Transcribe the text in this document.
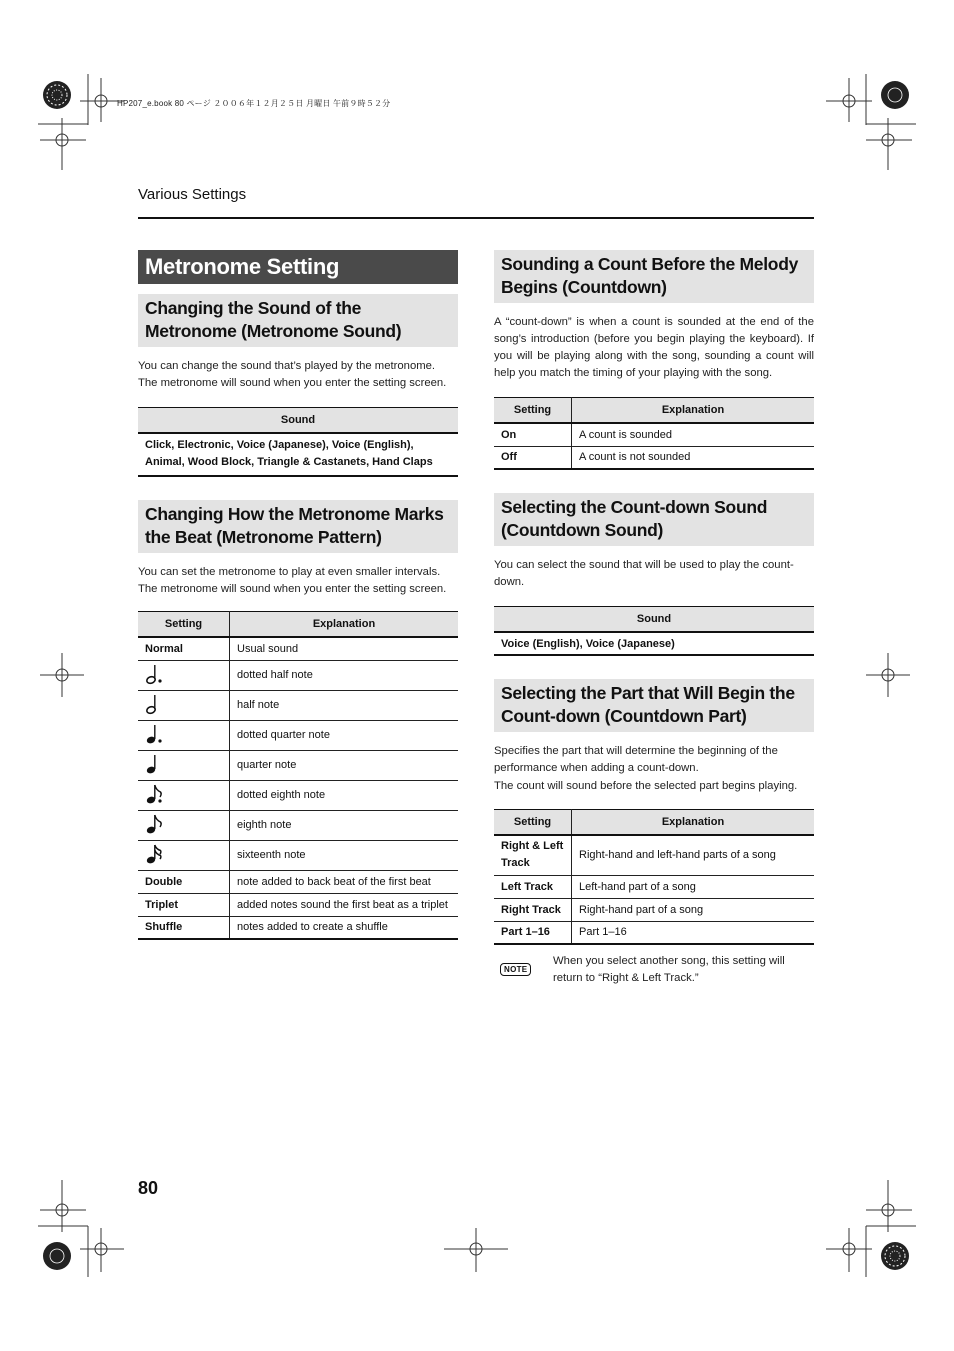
HP207_e.book 80 ページ ２００６年１２月２５日 月曜日 午前９時５２分
Various Settings
Metronome Setting
Changing the Sound of the Metronome (Metronome Sound)

You can change the sound that’s played by the metronome.

The metronome will sound when you enter the setting screen.

Sound
Click, Electronic, Voice (Japanese), Voice (English), Animal, Wood Block, Triangle & Castanets, Hand Claps
Changing How the Metronome Marks the Beat (Metronome Pattern)

You can set the metronome to play at even smaller intervals.

The metronome will sound when you enter the setting screen.

Setting	Explanation
Normal	Usual sound
	dotted half note
	half note
	dotted quarter note
	quarter note
	dotted eighth note
	eighth note
	sixteenth note
Double	note added to back beat of the first beat
Triplet	added notes sound the first beat as a triplet
Shuffle	notes added to create a shuffle
Sounding a Count Before the Melody Begins (Countdown)

A “count-down” is when a count is sounded at the end of the song’s introduction (before you begin playing the keyboard). If you will be playing along with the song, sounding a count will help you match the timing of your playing with the song.

Setting	Explanation
On	A count is sounded
Off	A count is not sounded
Selecting the Count-down Sound (Countdown Sound)

You can select the sound that will be used to play the count-down.

Sound
Voice (English), Voice (Japanese)
Selecting the Part that Will Begin the Count-down (Countdown Part)

Specifies the part that will determine the beginning of the performance when adding a count-down.

The count will sound before the selected part begins playing.

Setting	Explanation
Right & Left Track	Right-hand and left-hand parts of a song
Left Track	Left-hand part of a song
Right Track	Right-hand part of a song
Part 1–16	Part 1–16
NOTE

When you select another song, this setting will return to “Right & Left Track.”

80
